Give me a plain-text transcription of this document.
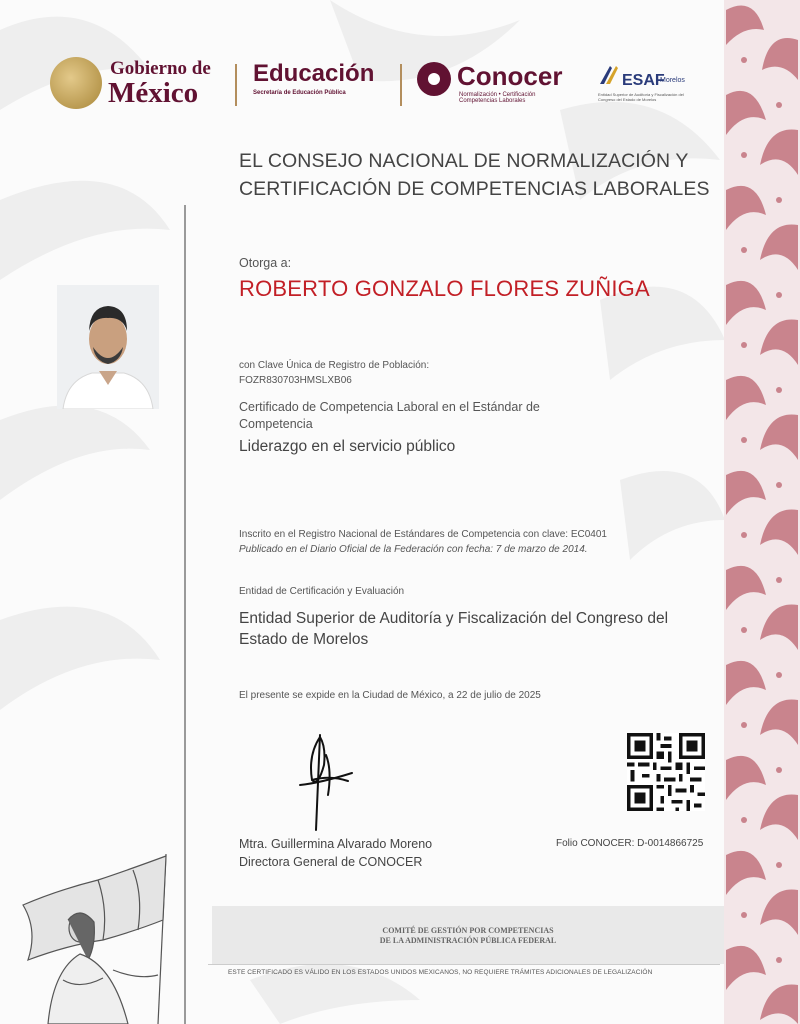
Gobierno de
México
Educación
Secretaría de Educación Pública
Conocer
Normalización • Certificación Competencias Laborales
ESAF
Morelos
Entidad Superior de Auditoría y Fiscalización del Congreso del Estado de Morelos
EL CONSEJO NACIONAL DE NORMALIZACIÓN Y
CERTIFICACIÓN DE COMPETENCIAS LABORALES
Otorga a:
ROBERTO GONZALO FLORES ZUÑIGA
con Clave Única de Registro de Población:
FOZR830703HMSLXB06
Certificado de Competencia Laboral en el Estándar de Competencia
Liderazgo en el servicio público
Inscrito en el Registro Nacional de Estándares de Competencia con clave: EC0401
Publicado en el Diario Oficial de la Federación con fecha: 7 de marzo de 2014.
Entidad de Certificación y Evaluación
Entidad Superior de Auditoría y Fiscalización del Congreso del Estado de Morelos
El presente se expide en la Ciudad de México, a 22 de julio de 2025
Mtra. Guillermina Alvarado Moreno
Directora General de CONOCER
Folio CONOCER: D-0014866725
COMITÉ DE GESTIÓN POR COMPETENCIAS
DE LA ADMINISTRACIÓN PÚBLICA FEDERAL
ESTE CERTIFICADO ES VÁLIDO EN LOS ESTADOS UNIDOS MEXICANOS, NO REQUIERE TRÁMITES ADICIONALES DE LEGALIZACIÓN
